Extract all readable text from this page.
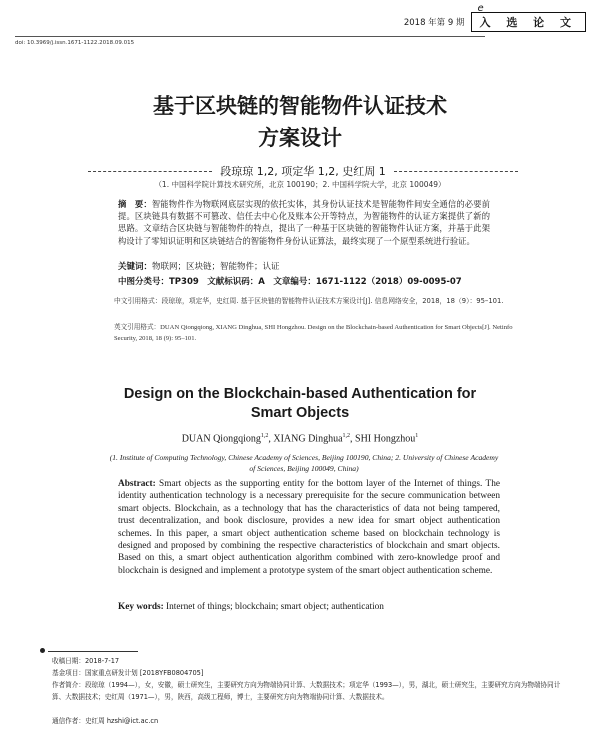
2018 年第 9 期
e
入 选 论 文
doi: 10.3969/j.issn.1671-1122.2018.09.015
基于区块链的智能物件认证技术
方案设计
段琼琼 1,2, 项定华 1,2, 史红周 1
（1. 中国科学院计算技术研究所，北京 100190；2. 中国科学院大学，北京 100049）
摘　要：智能物件作为物联网底层实现的依托实体，其身份认证技术是智能物件间安全通信的必要前提。区块链具有数据不可篡改、信任去中心化及账本公开等特点，为智能物件的认证方案提供了新的思路。文章结合区块链与智能物件的特点，提出了一种基于区块链的智能物件认证方案，并基于此架构设计了零知识证明和区块链结合的智能物件身份认证算法，最终实现了一个原型系统进行验证。
关键词：物联网；区块链；智能物件；认证
中图分类号：TP309　文献标识码：A　文章编号：1671-1122（2018）09-0095-07
中文引用格式：段琼琼，项定华，史红周. 基于区块链的智能物件认证技术方案设计[J]. 信息网络安全，2018，18（9）：95–101.
英文引用格式：DUAN Qiongqiong, XIANG Dinghua, SHI Hongzhou. Design on the Blockchain-based Authentication for Smart Objects[J]. Netinfo Security, 2018, 18 (9): 95–101.
Design on the Blockchain-based Authentication for
Smart Objects
DUAN Qiongqiong$^{1,2}$, XIANG Dinghua$^{1,2}$, SHI Hongzhou$^1$
(1. Institute of Computing Technology, Chinese Academy of Sciences, Beijing 100190, China; 2. University of Chinese Academy of Sciences, Beijing 100049, China)
Abstract: Smart objects as the supporting entity for the bottom layer of the Internet of things. The identity authentication technology is a necessary prerequisite for the secure communication between smart objects. Blockchain, as a technology that has the characteristics of data not being tampered, trust decentralization, and book disclosure, provides a new idea for smart object authentication schemes. In this paper, a smart object authentication scheme based on blockchain technology is designed and proposed by combining the respective characteristics of blockchain and smart objects. Based on this, a smart object authentication algorithm combined with zero-knowledge proof and blockchain is designed and implement a prototype system of the smart object authentication scheme.
Key words: Internet of things; blockchain; smart object; authentication
收稿日期：2018-7-17
基金项目：国家重点研发计划 [2018YFB0804705]
作者简介：段琼琼（1994—），女，安徽，硕士研究生，主要研究方向为物端协同计算、大数据技术；项定华（1993—），男，湖北，硕士研究生，主要研究方向为物端协同计算、大数据技术；史红周（1971—），男，陕西，高级工程师，博士，主要研究方向为物端协同计算、大数据技术。
通信作者：史红周 hzshi@ict.ac.cn
